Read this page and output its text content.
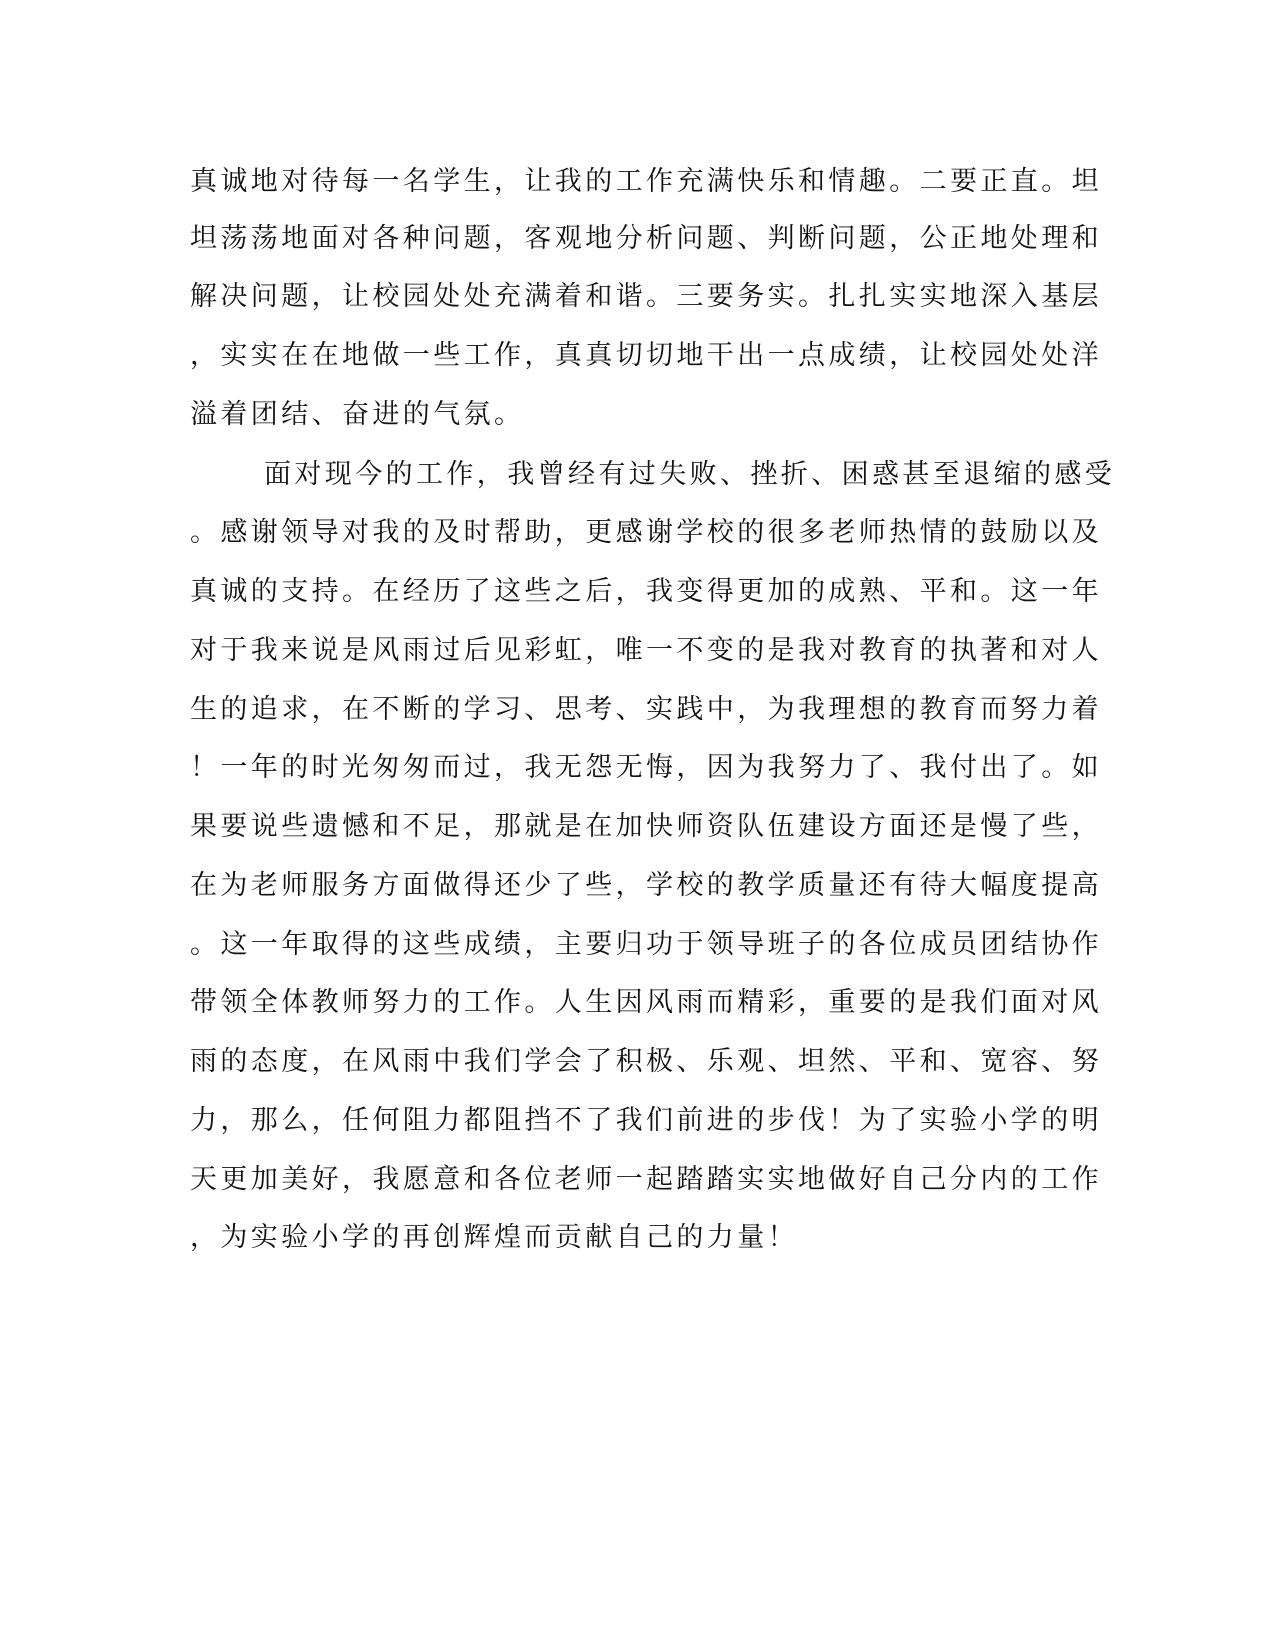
真诚地对待每一名学生，让我的工作充满快乐和情趣。二要正直。坦
坦荡荡地面对各种问题，客观地分析问题、判断问题，公正地处理和
解决问题，让校园处处充满着和谐。三要务实。扎扎实实地深入基层
，实实在在地做一些工作，真真切切地干出一点成绩，让校园处处洋
溢着团结、奋进的气氛。
面对现今的工作，我曾经有过失败、挫折、困惑甚至退缩的感受
。感谢领导对我的及时帮助，更感谢学校的很多老师热情的鼓励以及
真诚的支持。在经历了这些之后，我变得更加的成熟、平和。这一年
对于我来说是风雨过后见彩虹，唯一不变的是我对教育的执著和对人
生的追求，在不断的学习、思考、实践中，为我理想的教育而努力着
！一年的时光匆匆而过，我无怨无悔，因为我努力了、我付出了。如
果要说些遗憾和不足，那就是在加快师资队伍建设方面还是慢了些，
在为老师服务方面做得还少了些，学校的教学质量还有待大幅度提高
。这一年取得的这些成绩，主要归功于领导班子的各位成员团结协作
带领全体教师努力的工作。人生因风雨而精彩，重要的是我们面对风
雨的态度，在风雨中我们学会了积极、乐观、坦然、平和、宽容、努
力，那么，任何阻力都阻挡不了我们前进的步伐！为了实验小学的明
天更加美好，我愿意和各位老师一起踏踏实实地做好自己分内的工作
，为实验小学的再创辉煌而贡献自己的力量！
